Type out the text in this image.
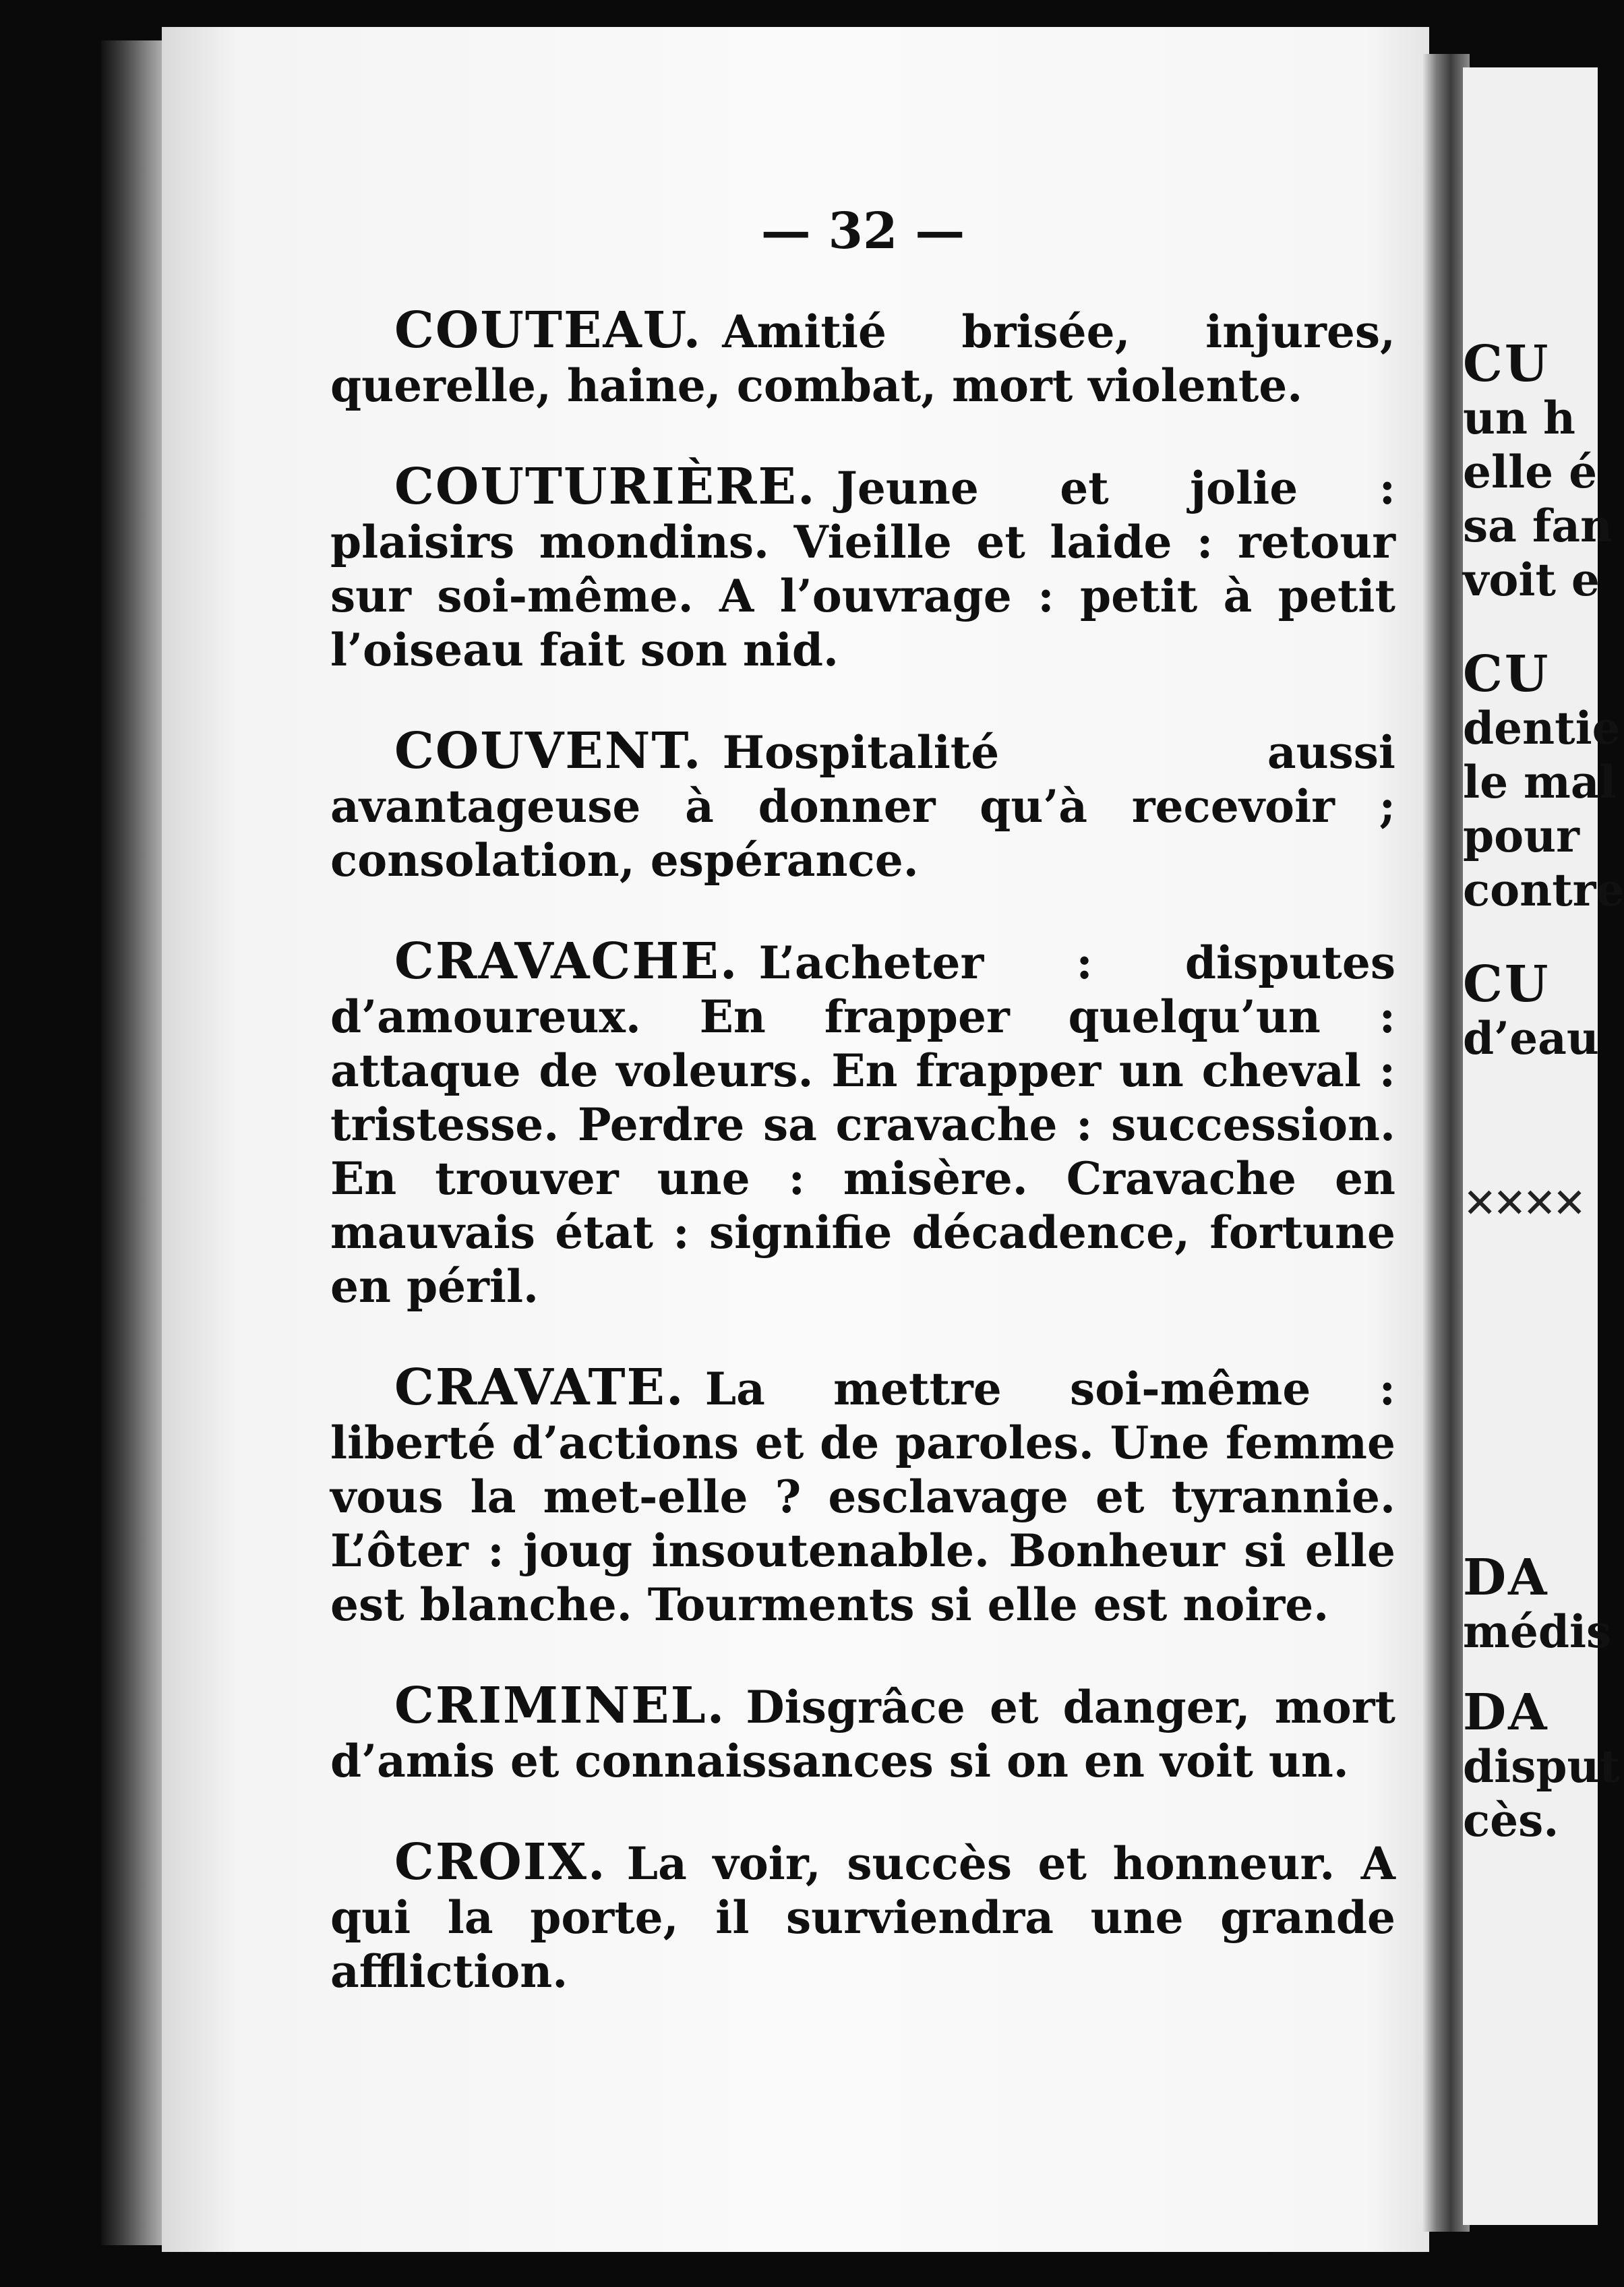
CU
un h
elle é
sa fan
voit e
CU
dentie
le mal
pour
contre
CU
d’eau
✕✕✕✕
DA
médis
DA
disput
cès.
— 32 —

COUTEAU. Amitié brisée, injures, querelle, haine, combat, mort violente.

COUTURIÈRE. Jeune et jolie : plaisirs mondins. Vieille et laide : retour sur soi-même. A l’ouvrage : petit à petit l’oiseau fait son nid.

COUVENT. Hospitalité aussi avantageuse à donner qu’à recevoir ; consolation, espérance.

CRAVACHE. L’acheter : disputes d’amoureux. En frapper quelqu’un : attaque de voleurs. En frapper un cheval : tristesse. Perdre sa cravache : succession. En trouver une : misère. Cravache en mauvais état : signifie décadence, fortune en péril.

CRAVATE. La mettre soi-même : liberté d’actions et de paroles. Une femme vous la met-elle ? esclavage et tyrannie. L’ôter : joug insoutenable. Bonheur si elle est blanche. Tourments si elle est noire.

CRIMINEL. Disgrâce et danger, mort d’amis et connaissances si on en voit un.

CROIX. La voir, succès et honneur. A qui la porte, il surviendra une grande affliction.
